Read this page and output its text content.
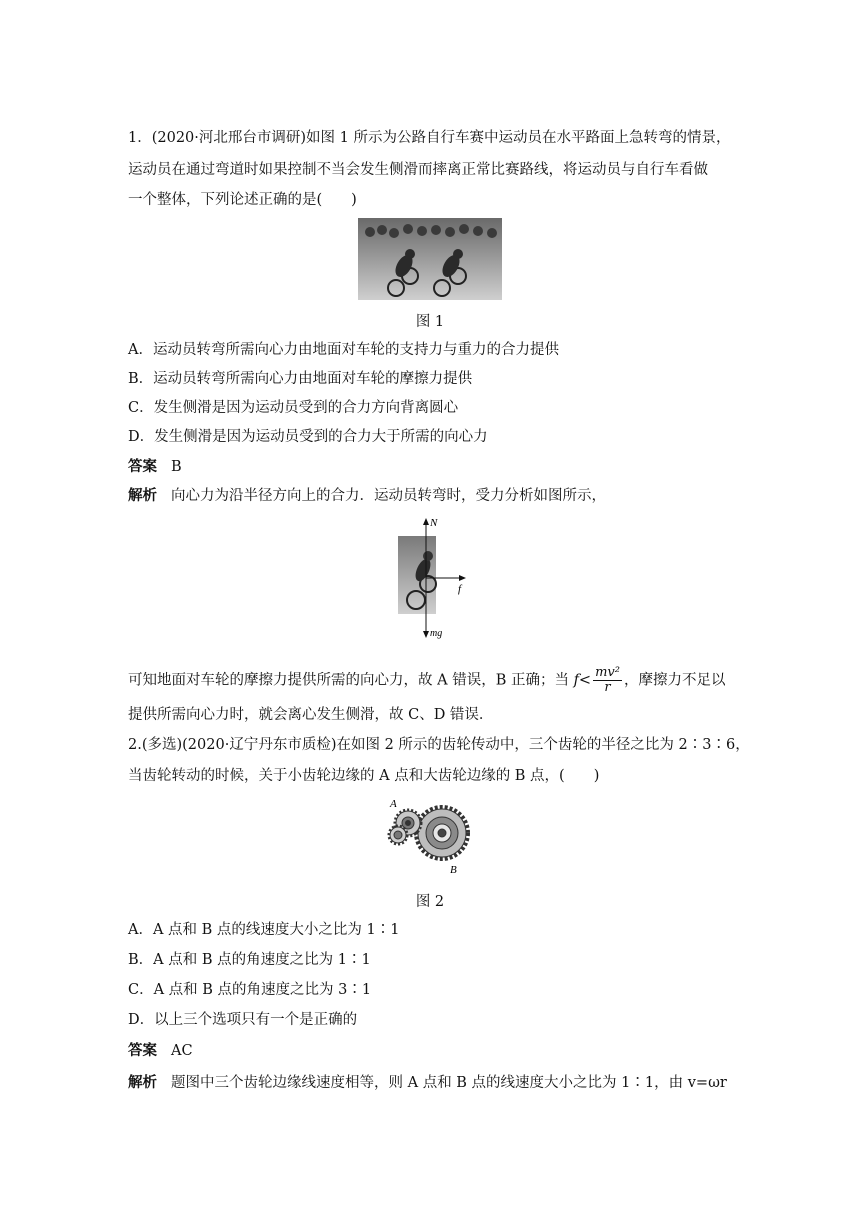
1．(2020·河北邢台市调研)如图 1 所示为公路自行车赛中运动员在水平路面上急转弯的情景，
运动员在通过弯道时如果控制不当会发生侧滑而摔离正常比赛路线，将运动员与自行车看做
一个整体，下列论述正确的是(　　)
图 1
A．运动员转弯所需向心力由地面对车轮的支持力与重力的合力提供
B．运动员转弯所需向心力由地面对车轮的摩擦力提供
C．发生侧滑是因为运动员受到的合力方向背离圆心
D．发生侧滑是因为运动员受到的合力大于所需的向心力
答案 B
解析 向心力为沿半径方向上的合力．运动员转弯时，受力分析如图所示，
N
f
mg
可知地面对车轮的摩擦力提供所需的向心力，故 A 错误，B 正确；当 $f< \frac{\text{mv²}}{r}$ ，摩擦力不足以
提供所需向心力时，就会离心发生侧滑，故 C、D 错误．
2.(多选)(2020·辽宁丹东市质检)在如图 2 所示的齿轮传动中，三个齿轮的半径之比为 2∶3∶6，
当齿轮转动的时候，关于小齿轮边缘的 A 点和大齿轮边缘的 B 点，(　　)
A
B
图 2
A．A 点和 B 点的线速度大小之比为 1∶1
B．A 点和 B 点的角速度之比为 1∶1
C．A 点和 B 点的角速度之比为 3∶1
D．以上三个选项只有一个是正确的
答案 AC
解析 题图中三个齿轮边缘线速度相等，则 A 点和 B 点的线速度大小之比为 1∶1，由 v=ωr
